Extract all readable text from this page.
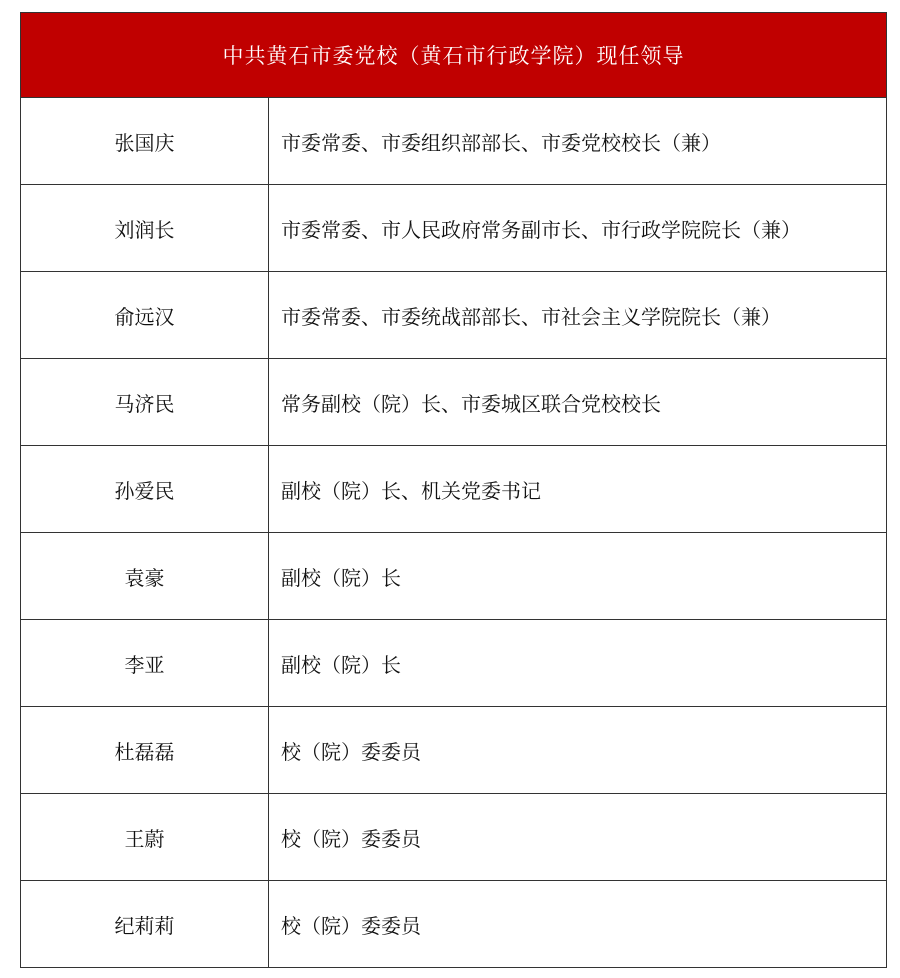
中共黄石市委党校（黄石市行政学院）现任领导	
张国庆	市委常委、市委组织部部长、市委党校校长（兼）
刘润长	市委常委、市人民政府常务副市长、市行政学院院长（兼）
俞远汉	市委常委、市委统战部部长、市社会主义学院院长（兼）
马济民	常务副校（院）长、市委城区联合党校校长
孙爱民	副校（院）长、机关党委书记
袁豪	副校（院）长
李亚	副校（院）长
杜磊磊	校（院）委委员
王蔚	校（院）委委员
纪莉莉	校（院）委委员
